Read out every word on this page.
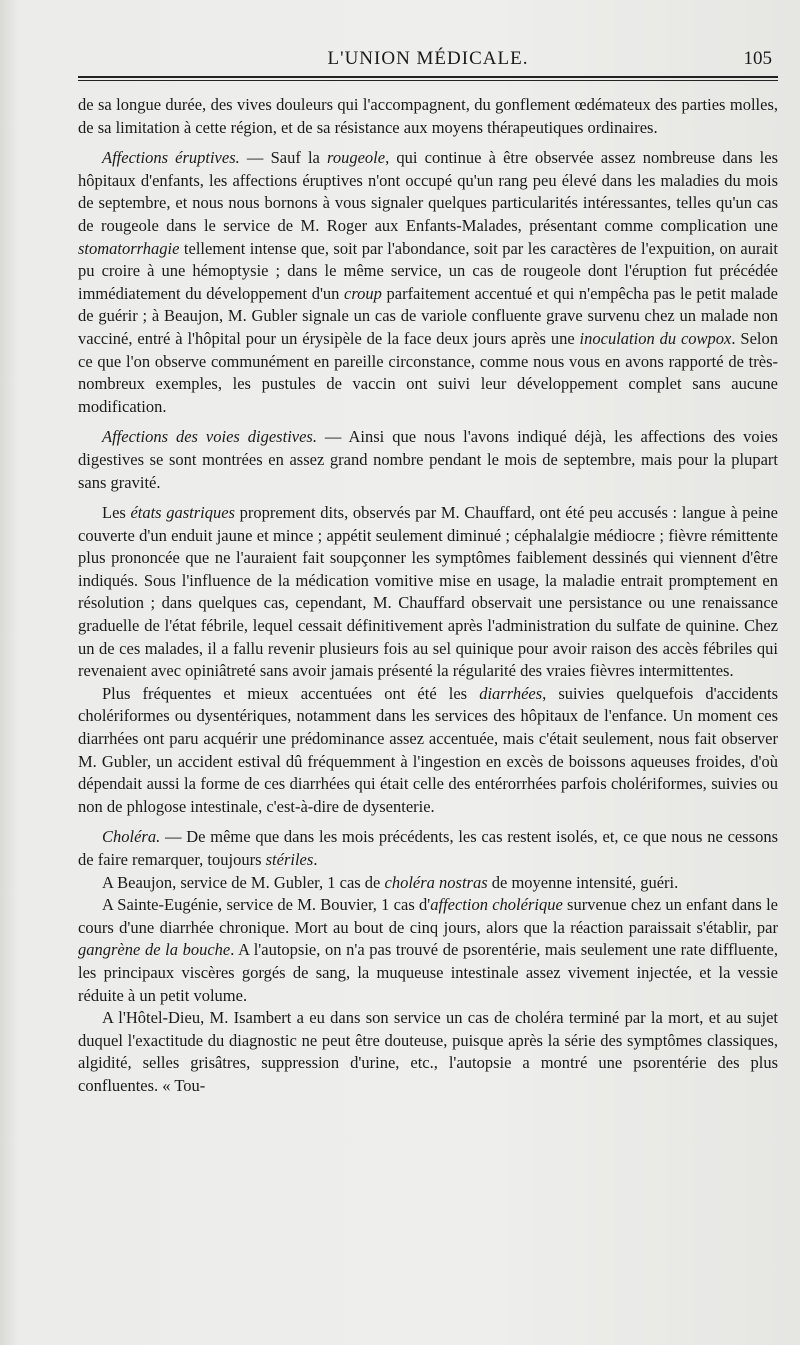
L'UNION MÉDICALE.	105

de sa longue durée, des vives douleurs qui l'accompagnent, du gonflement œdémateux des parties molles, de sa limitation à cette région, et de sa résistance aux moyens thérapeutiques ordinaires.

Affections éruptives. — Sauf la rougeole, qui continue à être observée assez nombreuse dans les hôpitaux d'enfants, les affections éruptives n'ont occupé qu'un rang peu élevé dans les maladies du mois de septembre, et nous nous bornons à vous signaler quelques particularités intéressantes, telles qu'un cas de rougeole dans le service de M. Roger aux Enfants-Malades, présentant comme complication une stomatorrhagie tellement intense que, soit par l'abondance, soit par les caractères de l'expuition, on aurait pu croire à une hémoptysie ; dans le même service, un cas de rougeole dont l'éruption fut précédée immédiatement du développement d'un croup parfaitement accentué et qui n'empêcha pas le petit malade de guérir ; à Beaujon, M. Gubler signale un cas de variole confluente grave survenu chez un malade non vacciné, entré à l'hôpital pour un érysipèle de la face deux jours après une inoculation du cowpox. Selon ce que l'on observe communément en pareille circonstance, comme nous vous en avons rapporté de très-nombreux exemples, les pustules de vaccin ont suivi leur développement complet sans aucune modification.

Affections des voies digestives. — Ainsi que nous l'avons indiqué déjà, les affections des voies digestives se sont montrées en assez grand nombre pendant le mois de septembre, mais pour la plupart sans gravité.

Les états gastriques proprement dits, observés par M. Chauffard, ont été peu accusés : langue à peine couverte d'un enduit jaune et mince ; appétit seulement diminué ; céphalalgie médiocre ; fièvre rémittente plus prononcée que ne l'auraient fait soupçonner les symptômes faiblement dessinés qui viennent d'être indiqués. Sous l'influence de la médication vomitive mise en usage, la maladie entrait promptement en résolution ; dans quelques cas, cependant, M. Chauffard observait une persistance ou une renaissance graduelle de l'état fébrile, lequel cessait définitivement après l'administration du sulfate de quinine. Chez un de ces malades, il a fallu revenir plusieurs fois au sel quinique pour avoir raison des accès fébriles qui revenaient avec opiniâtreté sans avoir jamais présenté la régularité des vraies fièvres intermittentes.

Plus fréquentes et mieux accentuées ont été les diarrhées, suivies quelquefois d'accidents cholériformes ou dysentériques, notamment dans les services des hôpitaux de l'enfance. Un moment ces diarrhées ont paru acquérir une prédominance assez accentuée, mais c'était seulement, nous fait observer M. Gubler, un accident estival dû fréquemment à l'ingestion en excès de boissons aqueuses froides, d'où dépendait aussi la forme de ces diarrhées qui était celle des entérorrhées parfois cholériformes, suivies ou non de phlogose intestinale, c'est-à-dire de dysenterie.

Choléra. — De même que dans les mois précédents, les cas restent isolés, et, ce que nous ne cessons de faire remarquer, toujours stériles.

A Beaujon, service de M. Gubler, 1 cas de choléra nostras de moyenne intensité, guéri.

A Sainte-Eugénie, service de M. Bouvier, 1 cas d'affection cholérique survenue chez un enfant dans le cours d'une diarrhée chronique. Mort au bout de cinq jours, alors que la réaction paraissait s'établir, par gangrène de la bouche. A l'autopsie, on n'a pas trouvé de psorentérie, mais seulement une rate diffluente, les principaux viscères gorgés de sang, la muqueuse intestinale assez vivement injectée, et la vessie réduite à un petit volume.

A l'Hôtel-Dieu, M. Isambert a eu dans son service un cas de choléra terminé par la mort, et au sujet duquel l'exactitude du diagnostic ne peut être douteuse, puisque après la série des symptômes classiques, algidité, selles grisâtres, suppression d'urine, etc., l'autopsie a montré une psorentérie des plus confluentes. « Tou-
